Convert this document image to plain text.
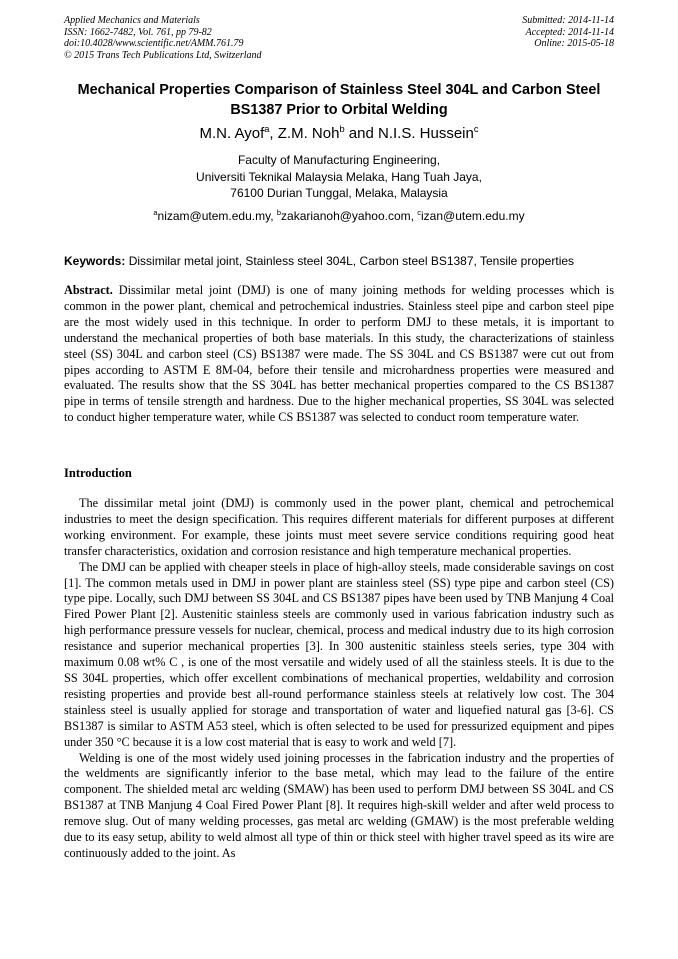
Applied Mechanics and Materials
ISSN: 1662-7482, Vol. 761, pp 79-82
doi:10.4028/www.scientific.net/AMM.761.79
© 2015 Trans Tech Publications Ltd, Switzerland
Submitted: 2014-11-14
Accepted: 2014-11-14
Online: 2015-05-18
Mechanical Properties Comparison of Stainless Steel 304L and Carbon Steel BS1387 Prior to Orbital Welding
M.N. Ayof$^a$, Z.M. Noh$^b$ and N.I.S. Hussein$^c$
Faculty of Manufacturing Engineering,
Universiti Teknikal Malaysia Melaka, Hang Tuah Jaya,
76100 Durian Tunggal, Melaka, Malaysia
$^a$nizam@utem.edu.my, $^b$zakarianoh@yahoo.com, $^c$izan@utem.edu.my
Keywords: Dissimilar metal joint, Stainless steel 304L, Carbon steel BS1387, Tensile properties

Abstract. Dissimilar metal joint (DMJ) is one of many joining methods for welding processes which is common in the power plant, chemical and petrochemical industries. Stainless steel pipe and carbon steel pipe are the most widely used in this technique. In order to perform DMJ to these metals, it is important to understand the mechanical properties of both base materials. In this study, the characterizations of stainless steel (SS) 304L and carbon steel (CS) BS1387 were made. The SS 304L and CS BS1387 were cut out from pipes according to ASTM E 8M-04, before their tensile and microhardness properties were measured and evaluated. The results show that the SS 304L has better mechanical properties compared to the CS BS1387 pipe in terms of tensile strength and hardness. Due to the higher mechanical properties, SS 304L was selected to conduct higher temperature water, while CS BS1387 was selected to conduct room temperature water.

Introduction

The dissimilar metal joint (DMJ) is commonly used in the power plant, chemical and petrochemical industries to meet the design specification. This requires different materials for different purposes at different working environment. For example, these joints must meet severe service conditions requiring good heat transfer characteristics, oxidation and corrosion resistance and high temperature mechanical properties.

The DMJ can be applied with cheaper steels in place of high-alloy steels, made considerable savings on cost [1]. The common metals used in DMJ in power plant are stainless steel (SS) type pipe and carbon steel (CS) type pipe. Locally, such DMJ between SS 304L and CS BS1387 pipes have been used by TNB Manjung 4 Coal Fired Power Plant [2]. Austenitic stainless steels are commonly used in various fabrication industry such as high performance pressure vessels for nuclear, chemical, process and medical industry due to its high corrosion resistance and superior mechanical properties [3]. In 300 austenitic stainless steels series, type 304 with maximum 0.08 wt% C , is one of the most versatile and widely used of all the stainless steels. It is due to the SS 304L properties, which offer excellent combinations of mechanical properties, weldability and corrosion resisting properties and provide best all-round performance stainless steels at relatively low cost. The 304 stainless steel is usually applied for storage and transportation of water and liquefied natural gas [3-6]. CS BS1387 is similar to ASTM A53 steel, which is often selected to be used for pressurized equipment and pipes under 350 °C because it is a low cost material that is easy to work and weld [7].

Welding is one of the most widely used joining processes in the fabrication industry and the properties of the weldments are significantly inferior to the base metal, which may lead to the failure of the entire component. The shielded metal arc welding (SMAW) has been used to perform DMJ between SS 304L and CS BS1387 at TNB Manjung 4 Coal Fired Power Plant [8]. It requires high-skill welder and after weld process to remove slug. Out of many welding processes, gas metal arc welding (GMAW) is the most preferable welding due to its easy setup, ability to weld almost all type of thin or thick steel with higher travel speed as its wire are continuously added to the joint. As
